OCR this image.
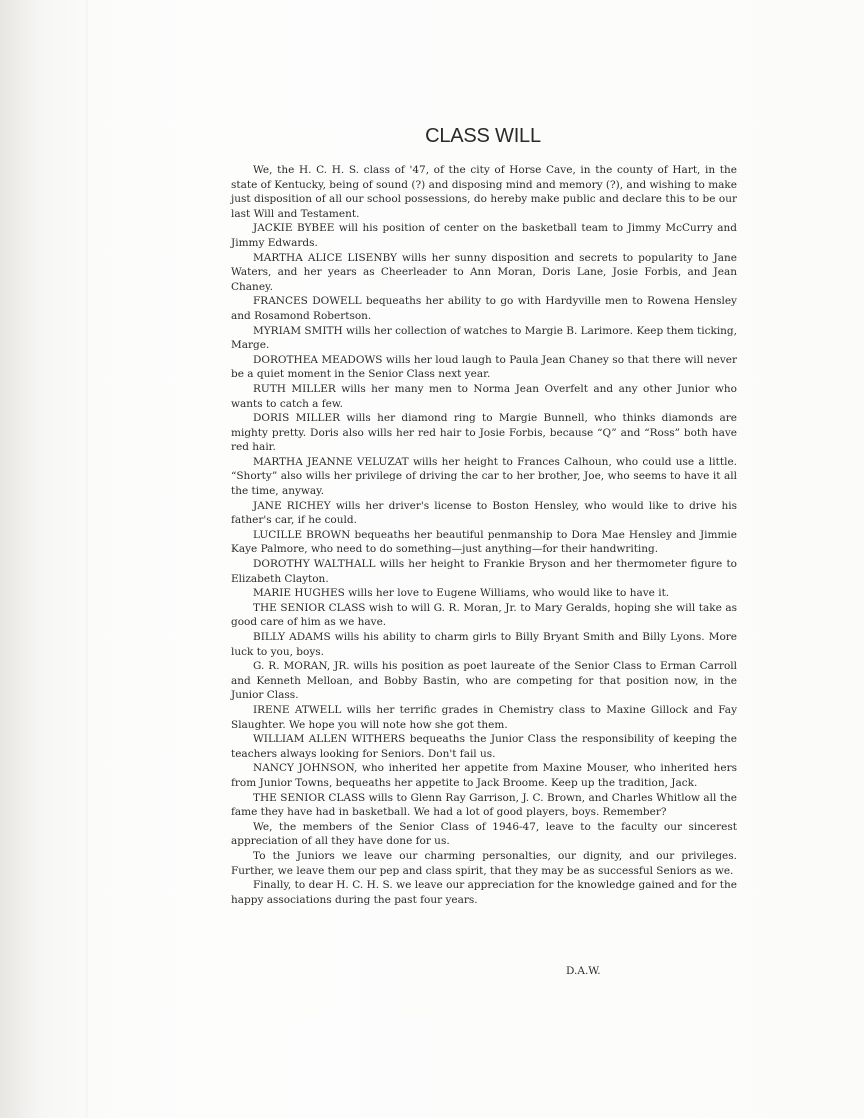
CLASS WILL

We, the H. C. H. S. class of '47, of the city of Horse Cave, in the county of Hart, in the state of Kentucky, being of sound (?) and disposing mind and memory (?), and wishing to make just disposition of all our school possessions, do hereby make public and declare this to be our last Will and Testament.

JACKIE BYBEE will his position of center on the basketball team to Jimmy McCurry and Jimmy Edwards.

MARTHA ALICE LISENBY wills her sunny disposition and secrets to popularity to Jane Waters, and her years as Cheerleader to Ann Moran, Doris Lane, Josie Forbis, and Jean Chaney.

FRANCES DOWELL bequeaths her ability to go with Hardyville men to Rowena Hensley and Rosamond Robertson.

MYRIAM SMITH wills her collection of watches to Margie B. Larimore. Keep them ticking, Marge.

DOROTHEA MEADOWS wills her loud laugh to Paula Jean Chaney so that there will never be a quiet moment in the Senior Class next year.

RUTH MILLER wills her many men to Norma Jean Overfelt and any other Junior who wants to catch a few.

DORIS MILLER wills her diamond ring to Margie Bunnell, who thinks diamonds are mighty pretty. Doris also wills her red hair to Josie Forbis, because “Q” and “Ross” both have red hair.

MARTHA JEANNE VELUZAT wills her height to Frances Calhoun, who could use a little. “Shorty” also wills her privilege of driving the car to her brother, Joe, who seems to have it all the time, anyway.

JANE RICHEY wills her driver's license to Boston Hensley, who would like to drive his father's car, if he could.

LUCILLE BROWN bequeaths her beautiful penmanship to Dora Mae Hensley and Jimmie Kaye Palmore, who need to do something—just anything—for their handwriting.

DOROTHY WALTHALL wills her height to Frankie Bryson and her thermometer figure to Elizabeth Clayton.

MARIE HUGHES wills her love to Eugene Williams, who would like to have it.

THE SENIOR CLASS wish to will G. R. Moran, Jr. to Mary Geralds, hoping she will take as good care of him as we have.

BILLY ADAMS wills his ability to charm girls to Billy Bryant Smith and Billy Lyons. More luck to you, boys.

G. R. MORAN, JR. wills his position as poet laureate of the Senior Class to Erman Carroll and Kenneth Melloan, and Bobby Bastin, who are competing for that position now, in the Junior Class.

IRENE ATWELL wills her terrific grades in Chemistry class to Maxine Gillock and Fay Slaughter. We hope you will note how she got them.

WILLIAM ALLEN WITHERS bequeaths the Junior Class the responsibility of keeping the teachers always looking for Seniors. Don't fail us.

NANCY JOHNSON, who inherited her appetite from Maxine Mouser, who inherited hers from Junior Towns, bequeaths her appetite to Jack Broome. Keep up the tradition, Jack.

THE SENIOR CLASS wills to Glenn Ray Garrison, J. C. Brown, and Charles Whitlow all the fame they have had in basketball. We had a lot of good players, boys. Remember?

We, the members of the Senior Class of 1946-47, leave to the faculty our sincerest appreciation of all they have done for us.

To the Juniors we leave our charming personalties, our dignity, and our privileges. Further, we leave them our pep and class spirit, that they may be as successful Seniors as we.

Finally, to dear H. C. H. S. we leave our appreciation for the knowledge gained and for the happy associations during the past four years.

D.A.W.
